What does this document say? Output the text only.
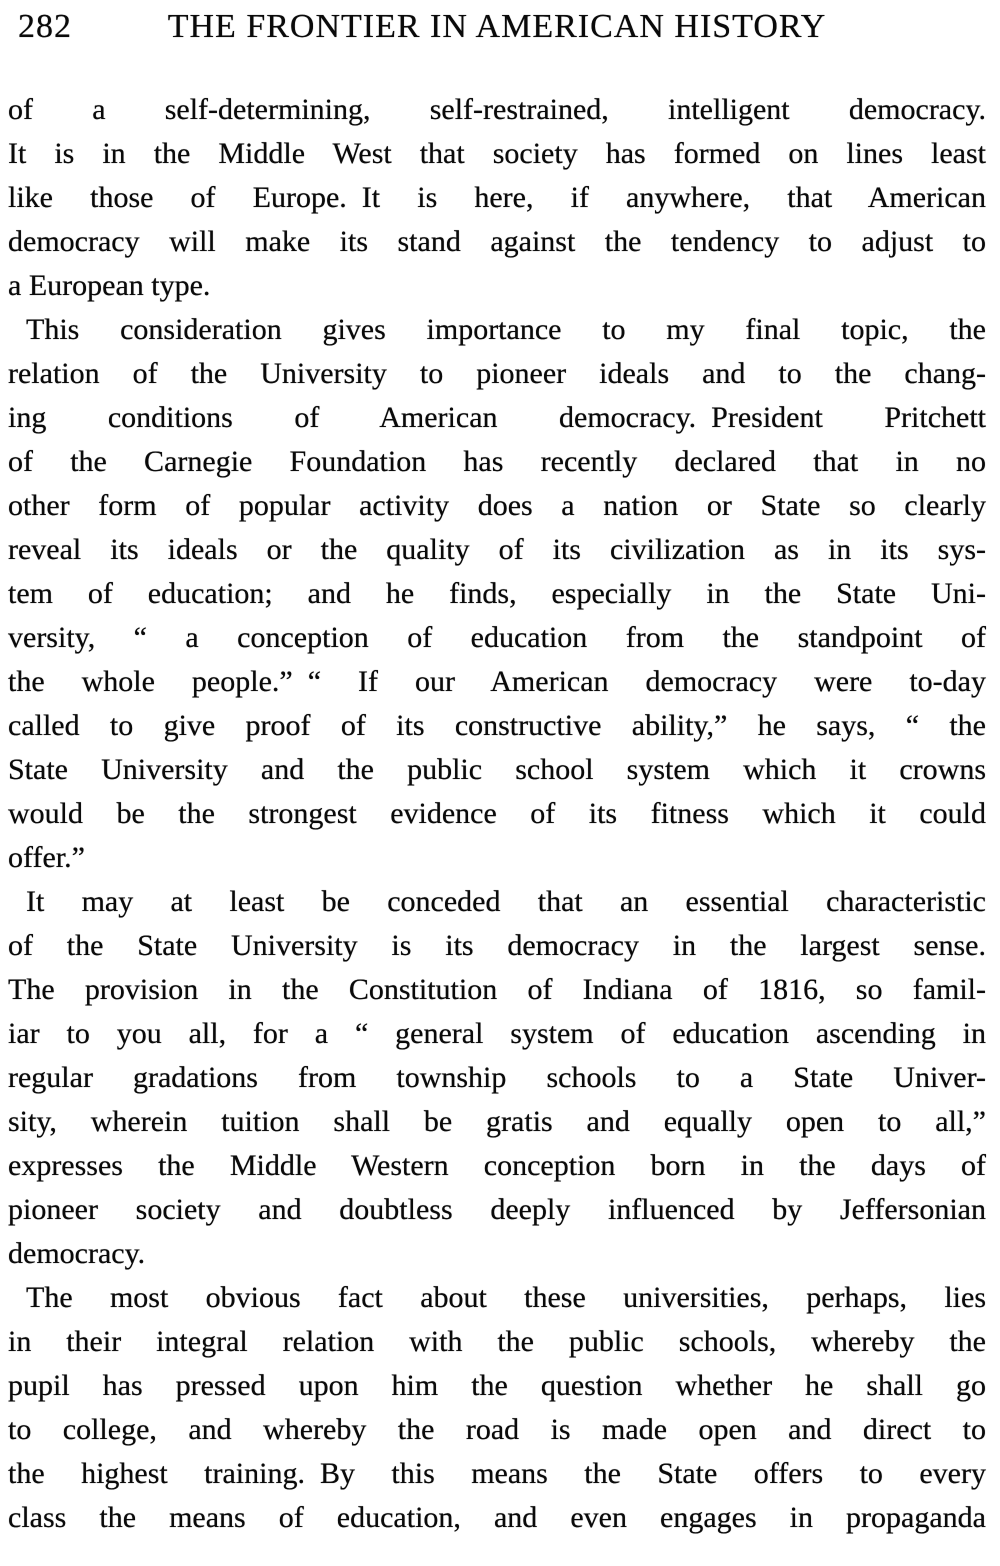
282	THE FRONTIER IN AMERICAN HISTORY

of a self-determining, self-restrained, intelligent democracy.
It is in the Middle West that society has formed on lines least
like those of Europe. It is here, if anywhere, that American
democracy will make its stand against the tendency to adjust to
a European type.

This consideration gives importance to my final topic, the
relation of the University to pioneer ideals and to the chang-
ing conditions of American democracy. President Pritchett
of the Carnegie Foundation has recently declared that in no
other form of popular activity does a nation or State so clearly
reveal its ideals or the quality of its civilization as in its sys-
tem of education; and he finds, especially in the State Uni-
versity, “ a conception of education from the standpoint of
the whole people.” “ If our American democracy were to-day
called to give proof of its constructive ability,” he says, “ the
State University and the public school system which it crowns
would be the strongest evidence of its fitness which it could
offer.”

It may at least be conceded that an essential characteristic
of the State University is its democracy in the largest sense.
The provision in the Constitution of Indiana of 1816, so famil-
iar to you all, for a “ general system of education ascending in
regular gradations from township schools to a State Univer-
sity, wherein tuition shall be gratis and equally open to all,”
expresses the Middle Western conception born in the days of
pioneer society and doubtless deeply influenced by Jeffersonian
democracy.

The most obvious fact about these universities, perhaps, lies
in their integral relation with the public schools, whereby the
pupil has pressed upon him the question whether he shall go
to college, and whereby the road is made open and direct to
the highest training. By this means the State offers to every
class the means of education, and even engages in propaganda
